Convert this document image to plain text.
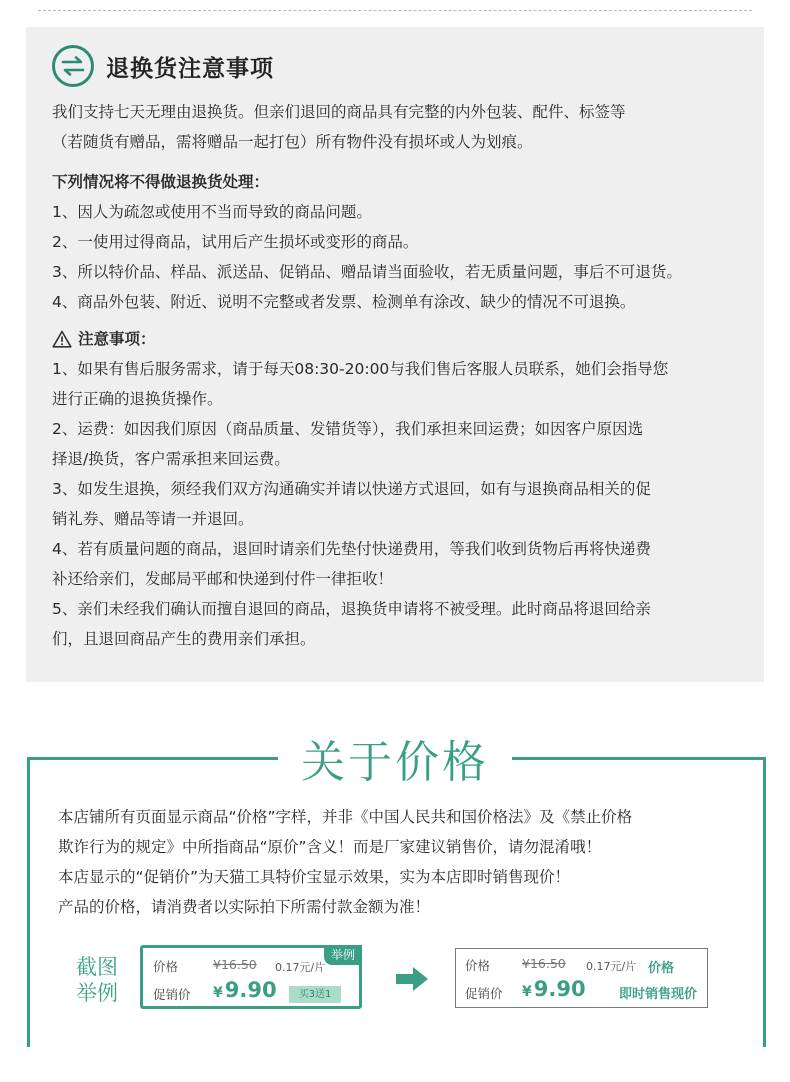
退换货注意事项
我们支持七天无理由退换货。但亲们退回的商品具有完整的内外包装、配件、标签等
（若随货有赠品，需将赠品一起打包）所有物件没有损坏或人为划痕。
下列情况将不得做退换货处理：
1、因人为疏忽或使用不当而导致的商品问题。
2、一使用过得商品，试用后产生损坏或变形的商品。
3、所以特价品、样品、派送品、促销品、赠品请当面验收，若无质量问题，事后不可退货。
4、商品外包装、附近、说明不完整或者发票、检测单有涂改、缺少的情况不可退换。
注意事项：
1、如果有售后服务需求，请于每天08:30-20:00与我们售后客服人员联系，她们会指导您
进行正确的退换货操作。
2、运费：如因我们原因（商品质量、发错货等），我们承担来回运费；如因客户原因选
择退/换货，客户需承担来回运费。
3、如发生退换，须经我们双方沟通确实并请以快递方式退回，如有与退换商品相关的促
销礼券、赠品等请一并退回。
4、若有质量问题的商品，退回时请亲们先垫付快递费用，等我们收到货物后再将快递费
补还给亲们，发邮局平邮和快递到付件一律拒收！
5、亲们未经我们确认而擅自退回的商品，退换货申请将不被受理。此时商品将退回给亲
们，且退回商品产生的费用亲们承担。
关于价格
本店铺所有页面显示商品“价格”字样，并非《中国人民共和国价格法》及《禁止价格
欺诈行为的规定》中所指商品“原价”含义！而是厂家建议销售价，请勿混淆哦！
本店显示的“促销价”为天猫工具特价宝显示效果，实为本店即时销售现价！
产品的价格，请消费者以实际拍下所需付款金额为准！
截图
举例
举例
价格	¥16.50 0.17元/片
促销价 ¥9.90	买3送1
价格	¥16.50 0.17元/片 价格
促销价 ¥9.90	即时销售现价
